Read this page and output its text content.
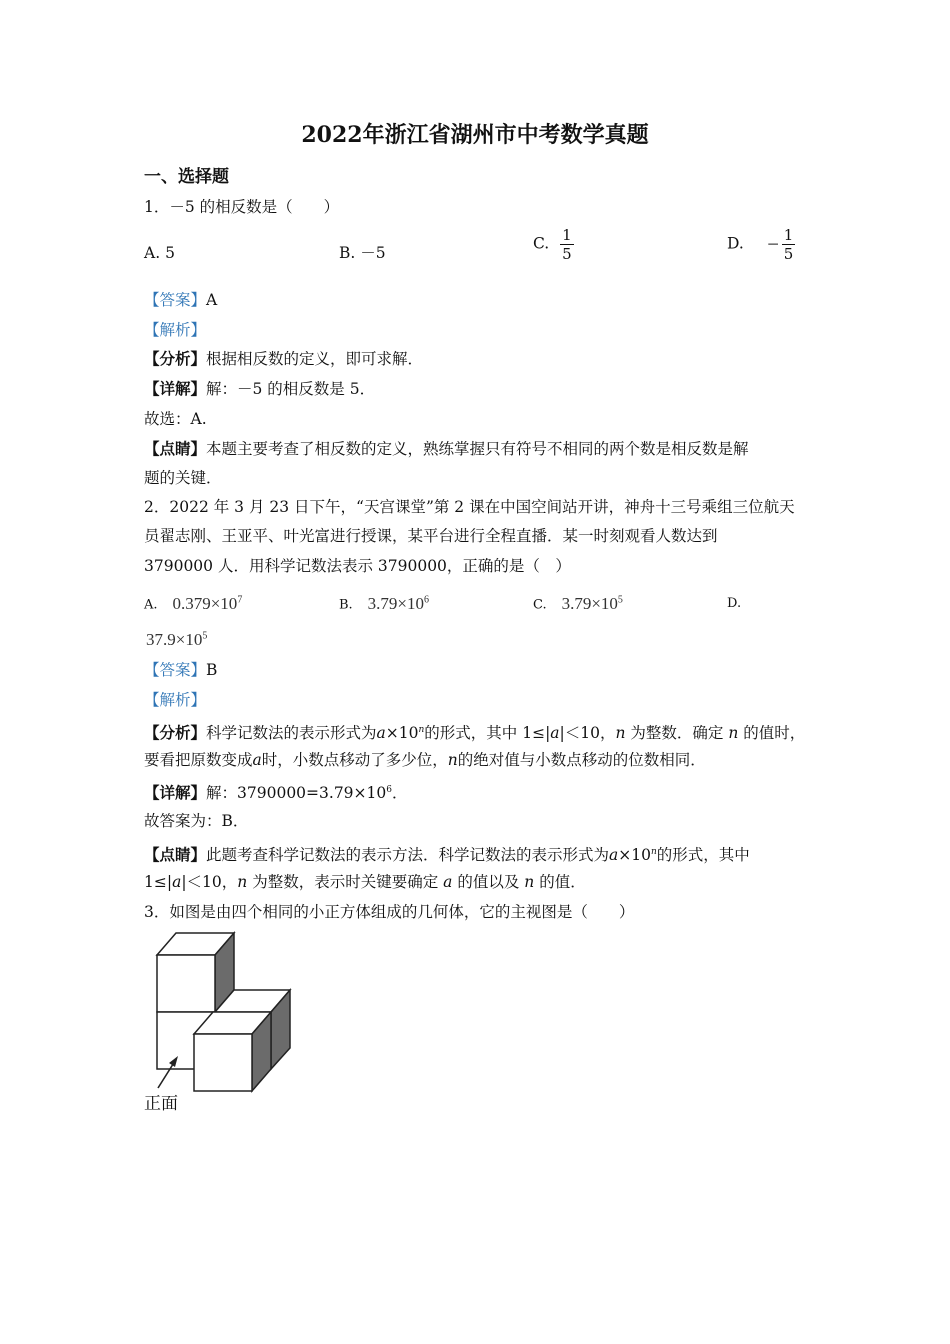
2022年浙江省湖州市中考数学真题
一、选择题
1．－5 的相反数是（　　）
A. 5	B. －5
C. $\frac{1}{5}$	D. − $\frac{1}{5}$
【答案】A
【解析】
【分析】根据相反数的定义，即可求解．
【详解】解：－5 的相反数是 5．
故选：A.
【点睛】本题主要考查了相反数的定义，熟练掌握只有符号不相同的两个数是相反数是解
题的关键．
2．2022 年 3 月 23 日下午，“天宫课堂”第 2 课在中国空间站开讲，神舟十三号乘组三位航天
员翟志刚、王亚平、叶光富进行授课，某平台进行全程直播．某一时刻观看人数达到
3790000 人．用科学记数法表示 3790000，正确的是（　）
A. $0.379\times 10^7$	B. $3.79\times 10^6$	C. $3.79\times 10^5$	D.
$37.9\times 10^5$
【答案】B
【解析】
【分析】科学记数法的表示形式为$a\times 10^n$的形式，其中 1≤|a|＜10，n 为整数．确定 n 的值时，
要看把原数变成a时，小数点移动了多少位，n的绝对值与小数点移动的位数相同．
【详解】解：$3790000=3.79\times 10^6$．
故答案为：B．
【点睛】此题考查科学记数法的表示方法．科学记数法的表示形式为$a\times 10^n$的形式，其中
1≤|a|＜10，n 为整数，表示时关键要确定 a 的值以及 n 的值．
3．如图是由四个相同的小正方体组成的几何体，它的主视图是（　　）
正面
